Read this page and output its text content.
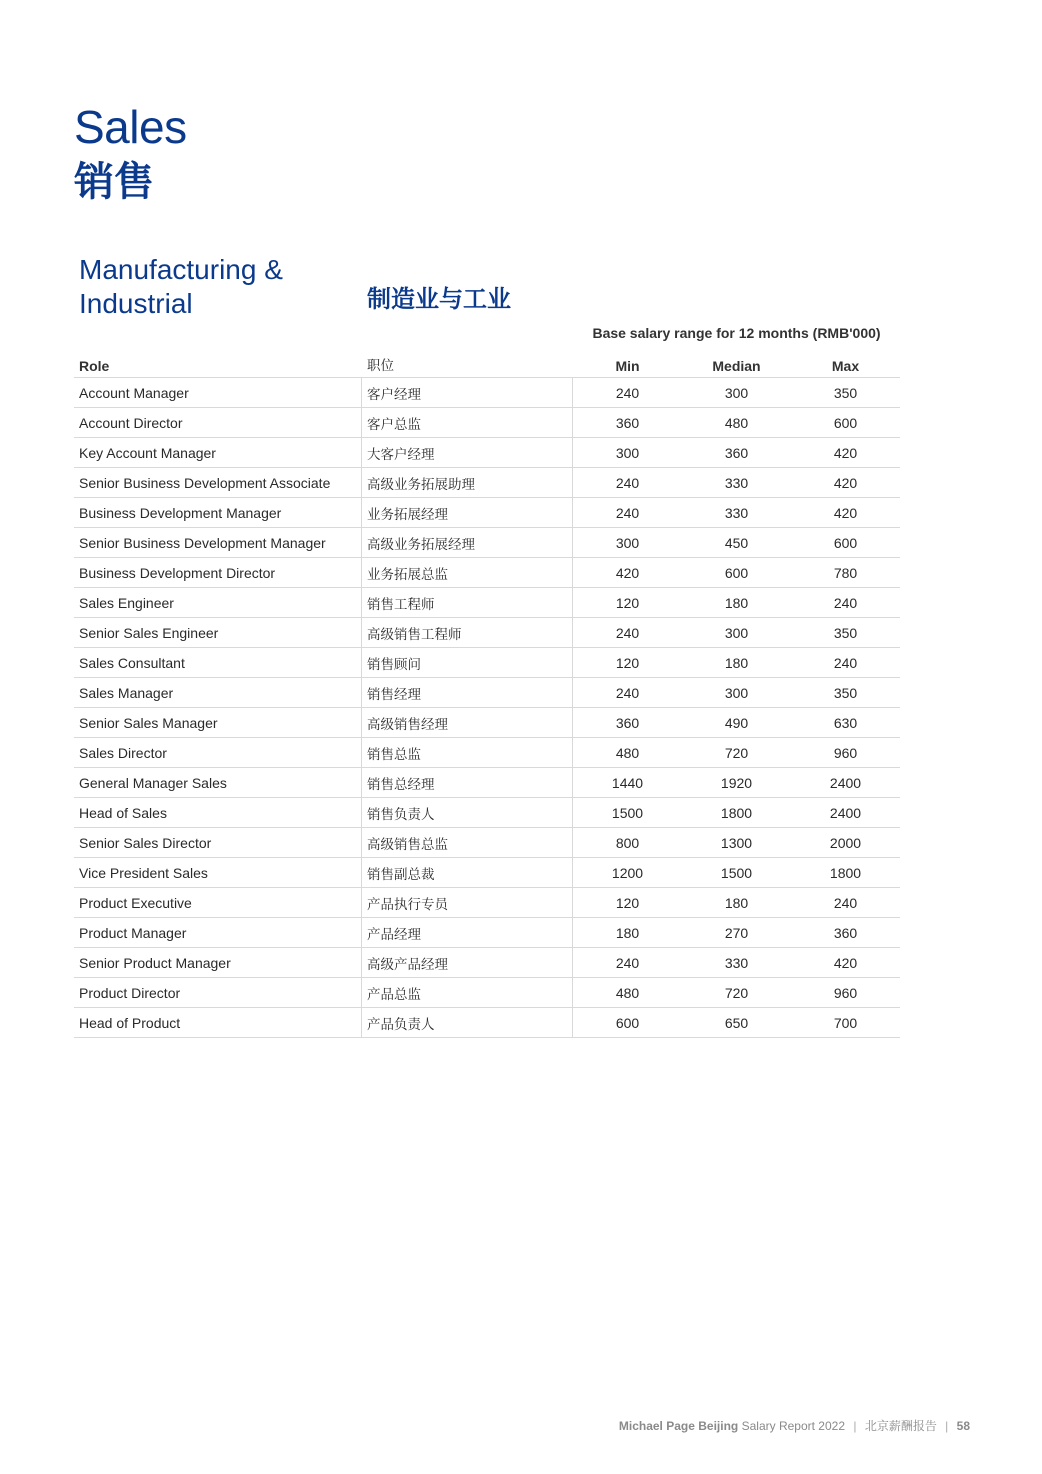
Sales
销售
Manufacturing &
Industrial	制造业与工业
Base salary range for 12 months (RMB'000)
Role	职位	Min	Median	Max
Account Manager	客户经理	240	300	350
Account Director	客户总监	360	480	600
Key Account Manager	大客户经理	300	360	420
Senior Business Development Associate	高级业务拓展助理	240	330	420
Business Development Manager	业务拓展经理	240	330	420
Senior Business Development Manager	高级业务拓展经理	300	450	600
Business Development Director	业务拓展总监	420	600	780
Sales Engineer	销售工程师	120	180	240
Senior Sales Engineer	高级销售工程师	240	300	350
Sales Consultant	销售顾问	120	180	240
Sales Manager	销售经理	240	300	350
Senior Sales Manager	高级销售经理	360	490	630
Sales Director	销售总监	480	720	960
General Manager Sales	销售总经理	1440	1920	2400
Head of Sales	销售负责人	1500	1800	2400
Senior Sales Director	高级销售总监	800	1300	2000
Vice President Sales	销售副总裁	1200	1500	1800
Product Executive	产品执行专员	120	180	240
Product Manager	产品经理	180	270	360
Senior Product Manager	高级产品经理	240	330	420
Product Director	产品总监	480	720	960
Head of Product	产品负责人	600	650	700
Michael Page Beijing Salary Report 2022 | 北京薪酬报告 | 58
